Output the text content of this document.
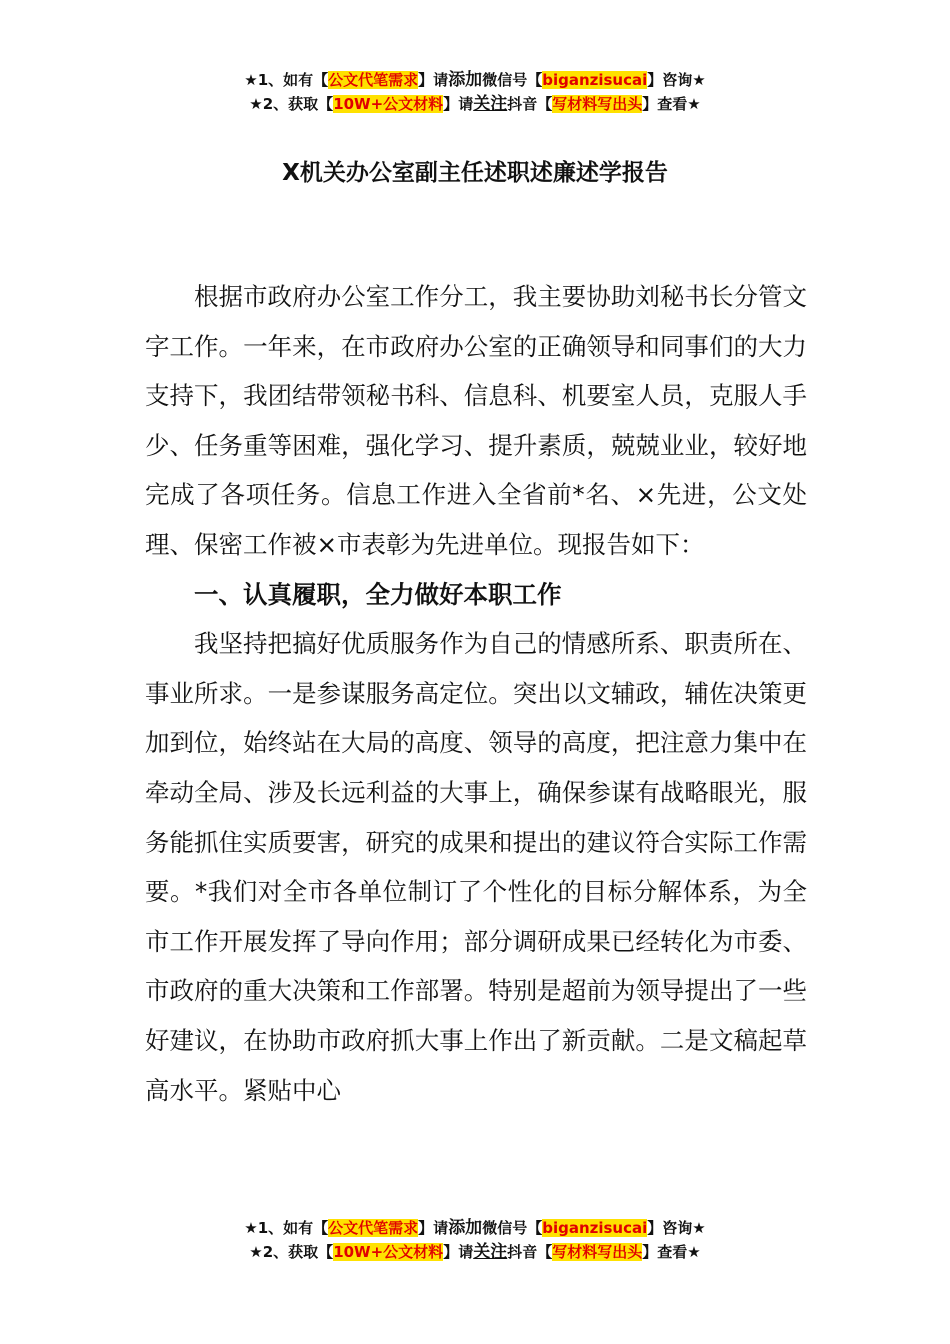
★1、如有【公文代笔需求】请添加微信号【biganzisucai】咨询★
★2、获取【10W+公文材料】请关注抖音【写材料写出头】查看★
X机关办公室副主任述职述廉述学报告

根据市政府办公室工作分工，我主要协助刘秘书长分管文字工作。一年来，在市政府办公室的正确领导和同事们的大力支持下，我团结带领秘书科、信息科、机要室人员，克服人手少、任务重等困难，强化学习、提升素质，兢兢业业，较好地完成了各项任务。信息工作进入全省前*名、×先进，公文处理、保密工作被×市表彰为先进单位。现报告如下：

一、认真履职，全力做好本职工作

我坚持把搞好优质服务作为自己的情感所系、职责所在、事业所求。一是参谋服务高定位。突出以文辅政，辅佐决策更加到位，始终站在大局的高度、领导的高度，把注意力集中在牵动全局、涉及长远利益的大事上，确保参谋有战略眼光，服务能抓住实质要害，研究的成果和提出的建议符合实际工作需要。*我们对全市各单位制订了个性化的目标分解体系，为全市工作开展发挥了导向作用；部分调研成果已经转化为市委、市政府的重大决策和工作部署。特别是超前为领导提出了一些好建议，在协助市政府抓大事上作出了新贡献。二是文稿起草高水平。紧贴中心

★1、如有【公文代笔需求】请添加微信号【biganzisucai】咨询★
★2、获取【10W+公文材料】请关注抖音【写材料写出头】查看★
